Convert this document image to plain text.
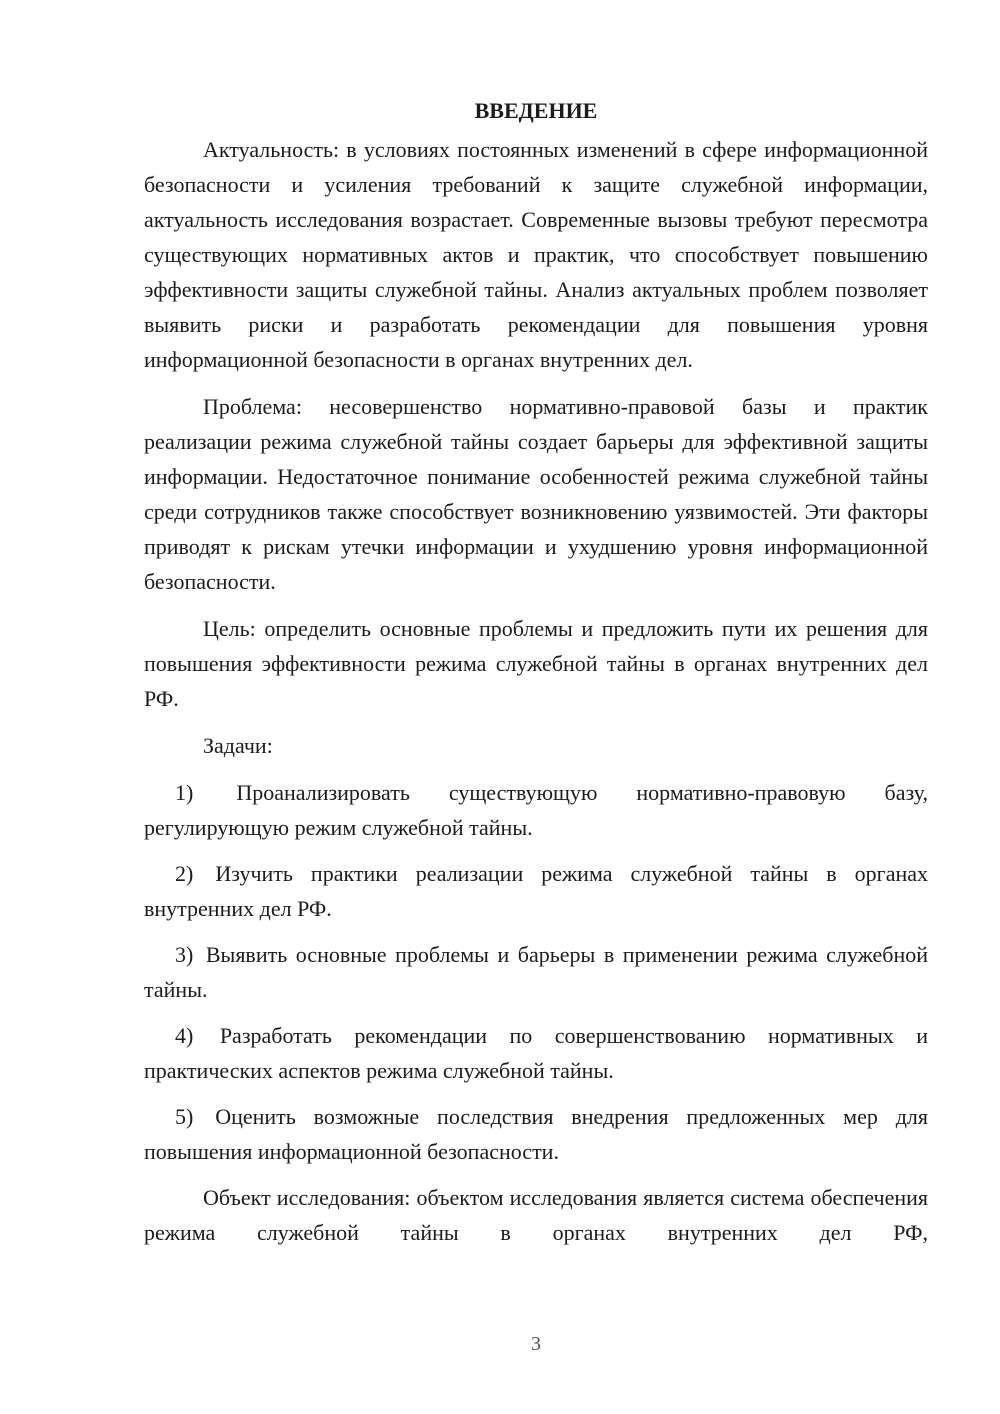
ВВЕДЕНИЕ

Актуальность: в условиях постоянных изменений в сфере информационной безопасности и усиления требований к защите служебной информации, актуальность исследования возрастает. Современные вызовы требуют пересмотра существующих нормативных актов и практик, что способствует повышению эффективности защиты служебной тайны. Анализ актуальных проблем позволяет выявить риски и разработать рекомендации для повышения уровня информационной безопасности в органах внутренних дел.

Проблема: несовершенство нормативно-правовой базы и практик реализации режима служебной тайны создает барьеры для эффективной защиты информации. Недостаточное понимание особенностей режима служебной тайны среди сотрудников также способствует возникновению уязвимостей. Эти факторы приводят к рискам утечки информации и ухудшению уровня информационной безопасности.

Цель: определить основные проблемы и предложить пути их решения для повышения эффективности режима служебной тайны в органах внутренних дел РФ.

Задачи:

1) Проанализировать существующую нормативно-правовую базу, регулирующую режим служебной тайны.

2) Изучить практики реализации режима служебной тайны в органах внутренних дел РФ.

3) Выявить основные проблемы и барьеры в применении режима служебной тайны.

4) Разработать рекомендации по совершенствованию нормативных и практических аспектов режима служебной тайны.

5) Оценить возможные последствия внедрения предложенных мер для повышения информационной безопасности.

Объект исследования: объектом исследования является система обеспечения режима служебной тайны в органах внутренних дел РФ,

3
